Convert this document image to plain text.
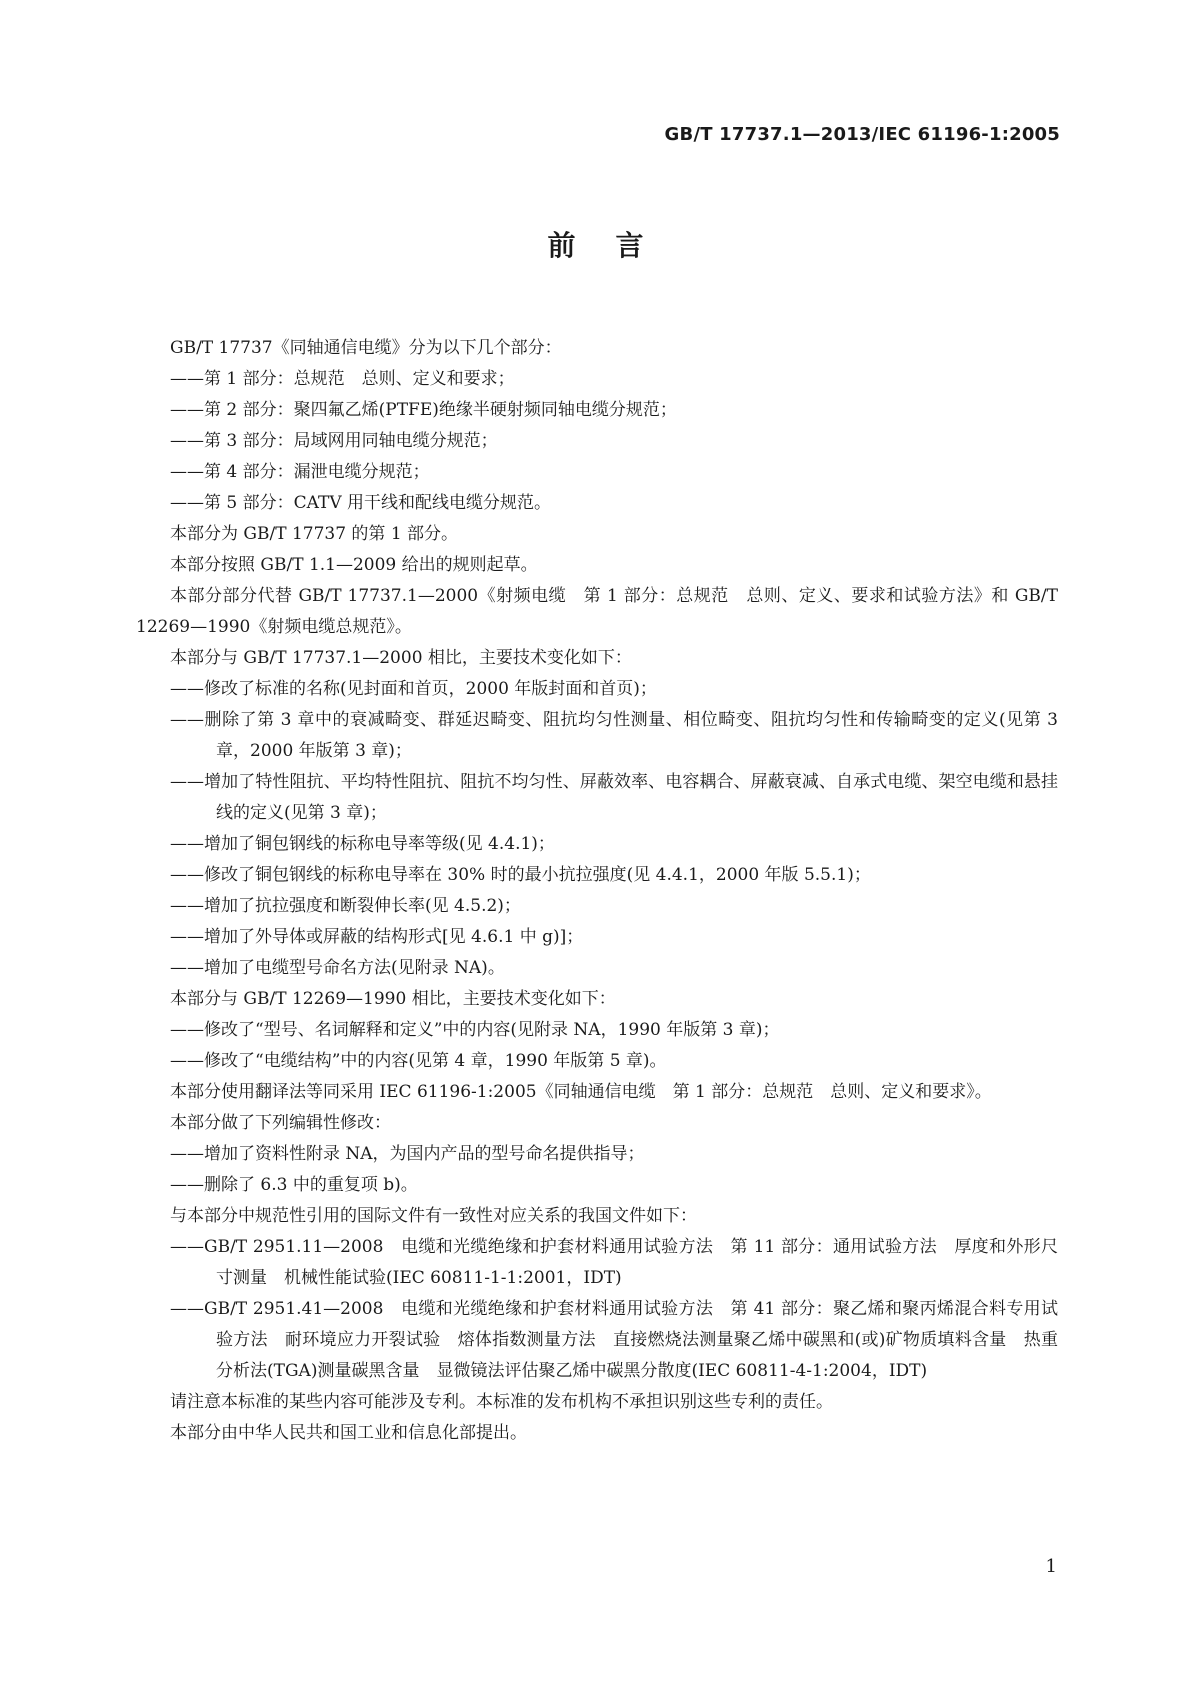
GB/T 17737.1—2013/IEC 61196-1:2005
前言

GB/T 17737《同轴通信电缆》分为以下几个部分：

——第 1 部分：总规范　总则、定义和要求；

——第 2 部分：聚四氟乙烯(PTFE)绝缘半硬射频同轴电缆分规范；

——第 3 部分：局域网用同轴电缆分规范；

——第 4 部分：漏泄电缆分规范；

——第 5 部分：CATV 用干线和配线电缆分规范。

本部分为 GB/T 17737 的第 1 部分。

本部分按照 GB/T 1.1—2009 给出的规则起草。

本部分部分代替 GB/T 17737.1—2000《射频电缆　第 1 部分：总规范　总则、定义、要求和试验方法》和 GB/T 12269—1990《射频电缆总规范》。

本部分与 GB/T 17737.1—2000 相比，主要技术变化如下：

——修改了标准的名称(见封面和首页，2000 年版封面和首页)；

——删除了第 3 章中的衰减畸变、群延迟畸变、阻抗均匀性测量、相位畸变、阻抗均匀性和传输畸变的定义(见第 3 章，2000 年版第 3 章)；

——增加了特性阻抗、平均特性阻抗、阻抗不均匀性、屏蔽效率、电容耦合、屏蔽衰减、自承式电缆、架空电缆和悬挂线的定义(见第 3 章)；

——增加了铜包钢线的标称电导率等级(见 4.4.1)；

——修改了铜包钢线的标称电导率在 30% 时的最小抗拉强度(见 4.4.1，2000 年版 5.5.1)；

——增加了抗拉强度和断裂伸长率(见 4.5.2)；

——增加了外导体或屏蔽的结构形式[见 4.6.1 中 g)]；

——增加了电缆型号命名方法(见附录 NA)。

本部分与 GB/T 12269—1990 相比，主要技术变化如下：

——修改了“型号、名词解释和定义”中的内容(见附录 NA，1990 年版第 3 章)；

——修改了“电缆结构”中的内容(见第 4 章，1990 年版第 5 章)。

本部分使用翻译法等同采用 IEC 61196-1:2005《同轴通信电缆　第 1 部分：总规范　总则、定义和要求》。

本部分做了下列编辑性修改：

——增加了资料性附录 NA，为国内产品的型号命名提供指导；

——删除了 6.3 中的重复项 b)。

与本部分中规范性引用的国际文件有一致性对应关系的我国文件如下：

——GB/T 2951.11—2008　电缆和光缆绝缘和护套材料通用试验方法　第 11 部分：通用试验方法　厚度和外形尺寸测量　机械性能试验(IEC 60811-1-1:2001，IDT)

——GB/T 2951.41—2008　电缆和光缆绝缘和护套材料通用试验方法　第 41 部分：聚乙烯和聚丙烯混合料专用试验方法　耐环境应力开裂试验　熔体指数测量方法　直接燃烧法测量聚乙烯中碳黑和(或)矿物质填料含量　热重分析法(TGA)测量碳黑含量　显微镜法评估聚乙烯中碳黑分散度(IEC 60811-4-1:2004，IDT)

请注意本标准的某些内容可能涉及专利。本标准的发布机构不承担识别这些专利的责任。

本部分由中华人民共和国工业和信息化部提出。

1
